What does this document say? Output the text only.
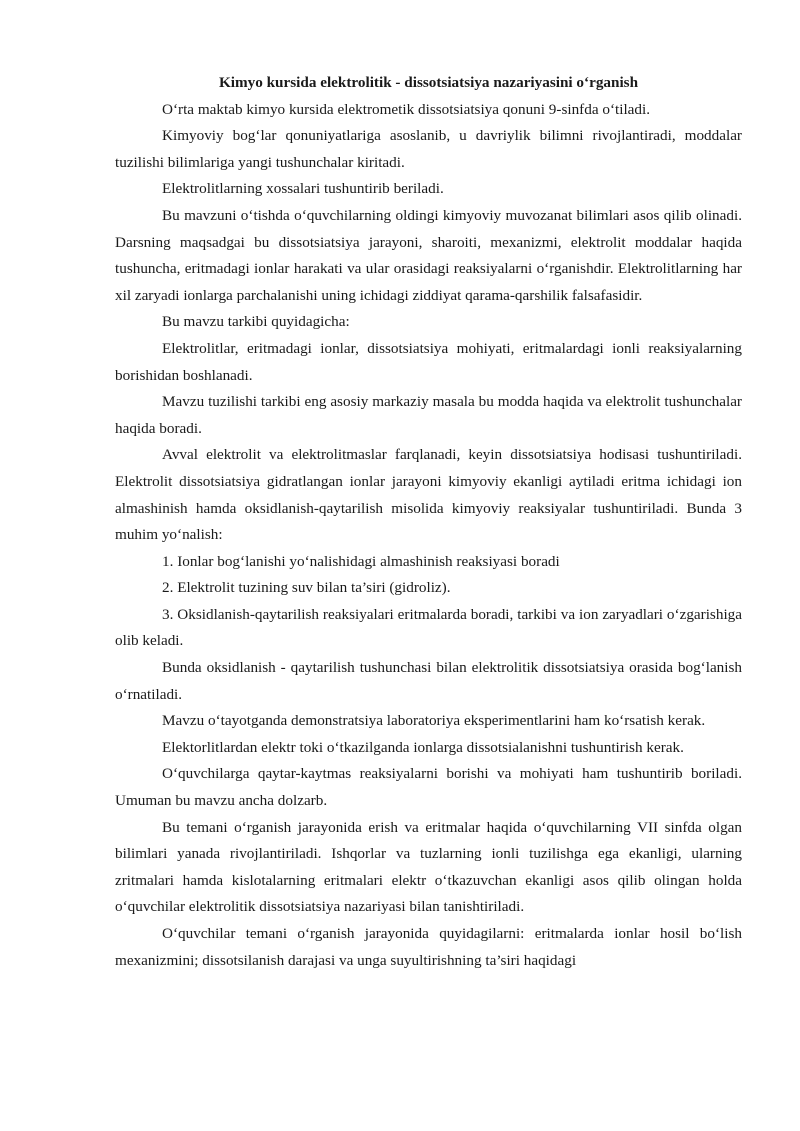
Kimyo kursida elektrolitik - dissotsiatsiya nazariyasini o‘rganish

O‘rta maktab kimyo kursida elektrometik dissotsiatsiya qonuni 9-sinfda o‘tiladi.

Kimyoviy bog‘lar qonuniyatlariga asoslanib, u davriylik bilimni rivojlantiradi, moddalar tuzilishi bilimlariga yangi tushunchalar kiritadi.

Elektrolitlarning xossalari tushuntirib beriladi.

Bu mavzuni o‘tishda o‘quvchilarning oldingi kimyoviy muvozanat bilimlari asos qilib olinadi. Darsning maqsadgai bu dissotsiatsiya jarayoni, sharoiti, mexanizmi, elektrolit moddalar haqida tushuncha, eritmadagi ionlar harakati va ular orasidagi reaksiyalarni o‘rganishdir. Elektrolitlarning har xil zaryadi ionlarga parchalanishi uning ichidagi ziddiyat qarama-qarshilik falsafasidir.

Bu mavzu tarkibi quyidagicha:

Elektrolitlar, eritmadagi ionlar, dissotsiatsiya mohiyati, eritmalardagi ionli reaksiyalarning borishidan boshlanadi.

Mavzu tuzilishi tarkibi eng asosiy markaziy masala bu modda haqida va elektrolit tushunchalar haqida boradi.

Avval elektrolit va elektrolitmaslar farqlanadi, keyin dissotsiatsiya hodisasi tushuntiriladi. Elektrolit dissotsiatsiya gidratlangan ionlar jarayoni kimyoviy ekanligi aytiladi eritma ichidagi ion almashinish hamda oksidlanish-qaytarilish misolida kimyoviy reaksiyalar tushuntiriladi. Bunda 3 muhim yo‘nalish:

1. Ionlar bog‘lanishi yo‘nalishidagi almashinish reaksiyasi boradi

2. Elektrolit tuzining suv bilan ta’siri (gidroliz).

3. Oksidlanish-qaytarilish reaksiyalari eritmalarda boradi, tarkibi va ion zaryadlari o‘zgarishiga olib keladi.

Bunda oksidlanish - qaytarilish tushunchasi bilan elektrolitik dissotsiatsiya orasida bog‘lanish o‘rnatiladi.

Mavzu o‘tayotganda demonstratsiya laboratoriya eksperimentlarini ham ko‘rsatish kerak.

Elektorlitlardan elektr toki o‘tkazilganda ionlarga dissotsialanishni tushuntirish kerak.

O‘quvchilarga qaytar-kaytmas reaksiyalarni borishi va mohiyati ham tushuntirib boriladi. Umuman bu mavzu ancha dolzarb.

Bu temani o‘rganish jarayonida erish va eritmalar haqida o‘quvchilarning VII sinfda olgan bilimlari yanada rivojlantiriladi. Ishqorlar va tuzlarning ionli tuzilishga ega ekanligi, ularning zritmalari hamda kislotalarning eritmalari elektr o‘tkazuvchan ekanligi asos qilib olingan holda o‘quvchilar elektrolitik dissotsiatsiya nazariyasi bilan tanishtiriladi.

O‘quvchilar temani o‘rganish jarayonida quyidagilarni: eritmalarda ionlar hosil bo‘lish mexanizmini; dissotsilanish darajasi va unga suyultirishning ta’siri haqidagi
